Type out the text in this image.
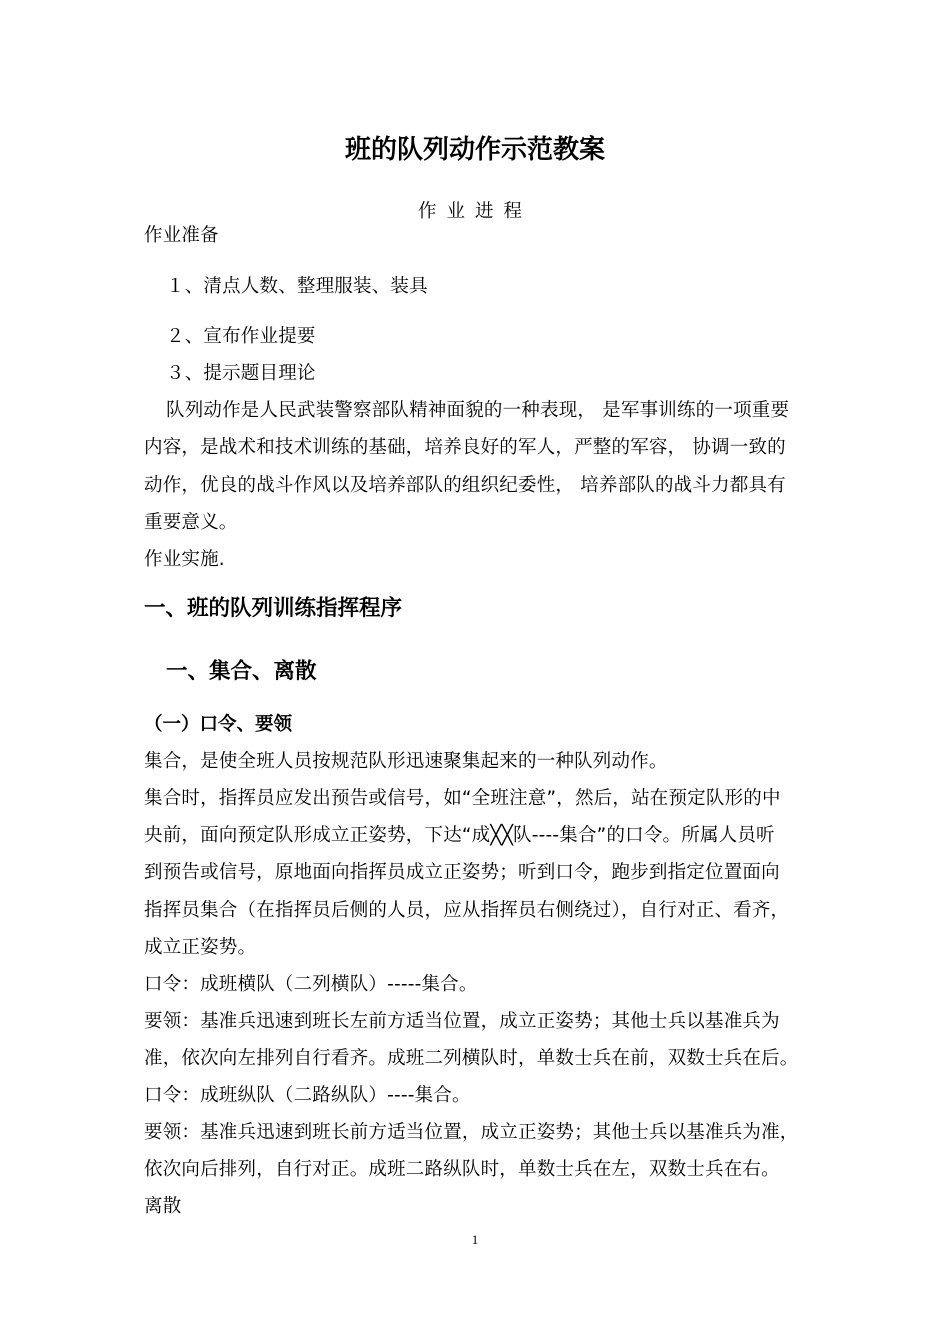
班的队列动作示范教案

作业进程

作业准备

１、清点人数、整理服装、装具

２、宣布作业提要

３、提示题目理论

队列动作是人民武装警察部队精神面貌的一种表现， 是军事训练的一项重要

内容，是战术和技术训练的基础，培养良好的军人，严整的军容， 协调一致的

动作，优良的战斗作风以及培养部队的组织纪委性， 培养部队的战斗力都具有

重要意义。

作业实施.

一、班的队列训练指挥程序
一、集合、离散
（一）口令、要领

集合，是使全班人员按规范队形迅速聚集起来的一种队列动作。

集合时，指挥员应发出预告或信号，如“全班注意”，然后，站在预定队形的中

央前，面向预定队形成立正姿势，下达“成╳╳队----集合”的口令。所属人员听

到预告或信号，原地面向指挥员成立正姿势；听到口令，跑步到指定位置面向

指挥员集合（在指挥员后侧的人员，应从指挥员右侧绕过），自行对正、看齐，

成立正姿势。

口令：成班横队（二列横队）-----集合。

要领：基准兵迅速到班长左前方适当位置，成立正姿势；其他士兵以基准兵为

准，依次向左排列自行看齐。成班二列横队时，单数士兵在前，双数士兵在后。

口令：成班纵队（二路纵队）----集合。

要领：基准兵迅速到班长前方适当位置，成立正姿势；其他士兵以基准兵为准，

依次向后排列，自行对正。成班二路纵队时，单数士兵在左，双数士兵在右。

离散

1
